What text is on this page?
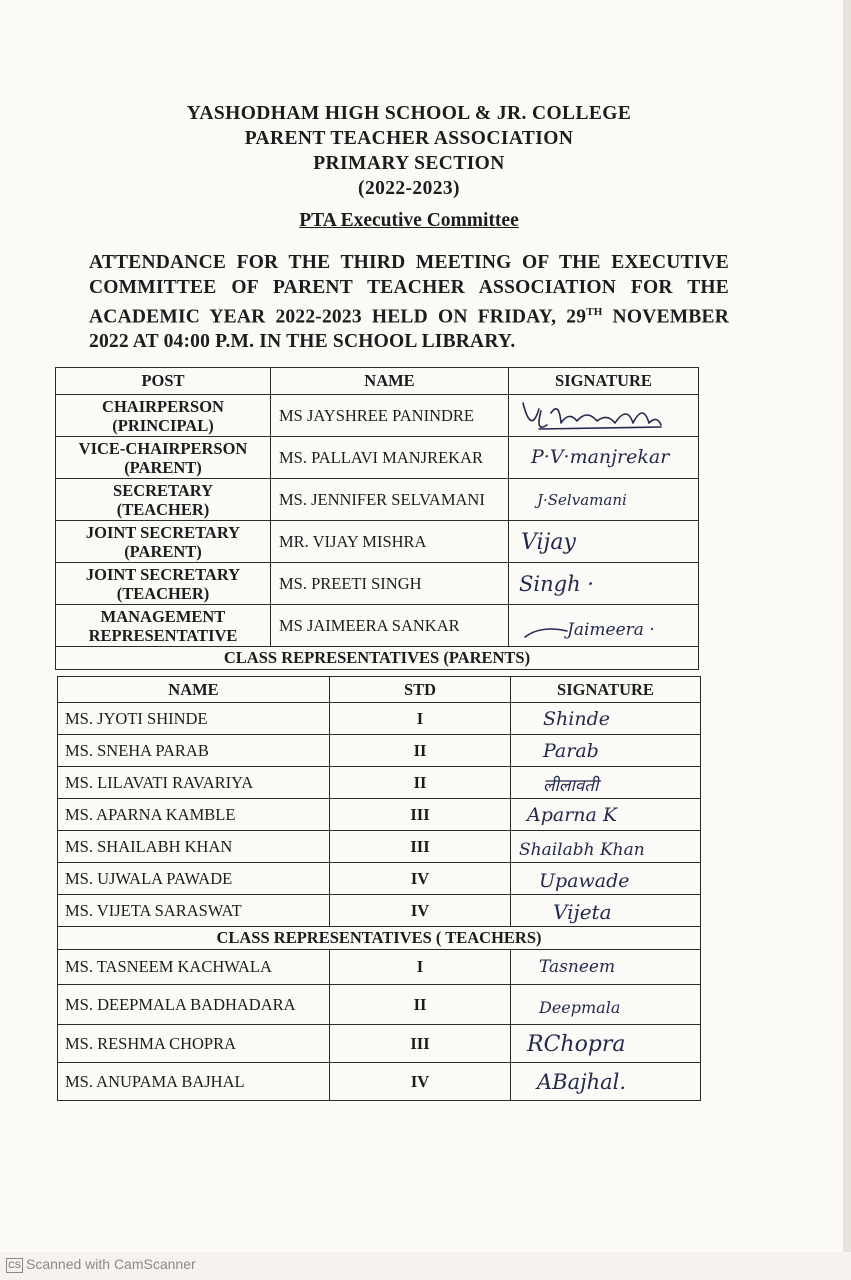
YASHODHAM HIGH SCHOOL & JR. COLLEGE
PARENT TEACHER ASSOCIATION
PRIMARY SECTION
(2022-2023)
PTA Executive Committee
ATTENDANCE FOR THE THIRD MEETING OF THE EXECUTIVE COMMITTEE OF PARENT TEACHER ASSOCIATION FOR THE ACADEMIC YEAR 2022-2023 HELD ON FRIDAY, 29TH NOVEMBER 2022 AT 04:00 P.M. IN THE SCHOOL LIBRARY.
POST	NAME	SIGNATURE

CHAIRPERSON
(PRINCIPAL)	MS JAYSHREE PANINDRE	

VICE-CHAIRPERSON
(PARENT)	MS. PALLAVI MANJREKAR	P·V·manjrekar

SECRETARY
(TEACHER)	MS. JENNIFER SELVAMANI	J·Selvamani

JOINT SECRETARY
(PARENT)	MR. VIJAY MISHRA	Vijay

JOINT SECRETARY
(TEACHER)	MS. PREETI SINGH	Singh ·

MANAGEMENT
REPRESENTATIVE	MS JAIMEERA SANKAR	Jaimeera ·

CLASS REPRESENTATIVES (PARENTS)		
NAME	STD	SIGNATURE
MS. JYOTI SHINDE	I	Shinde

MS. SNEHA PARAB	II	Parab

MS. LILAVATI RAVARIYA	II	लीलावती

MS. APARNA KAMBLE	III	Aparna K

MS. SHAILABH KHAN	III	Shailabh Khan

MS. UJWALA PAWADE	IV	Upawade

MS. VIJETA SARASWAT	IV	Vijeta

CLASS REPRESENTATIVES ( TEACHERS)		
MS. TASNEEM KACHWALA	I	Tasneem

MS. DEEPMALA BADHADARA	II	Deepmala

MS. RESHMA CHOPRA	III	RChopra

MS. ANUPAMA BAJHAL	IV	ABajhal.
CS Scanned with CamScanner
